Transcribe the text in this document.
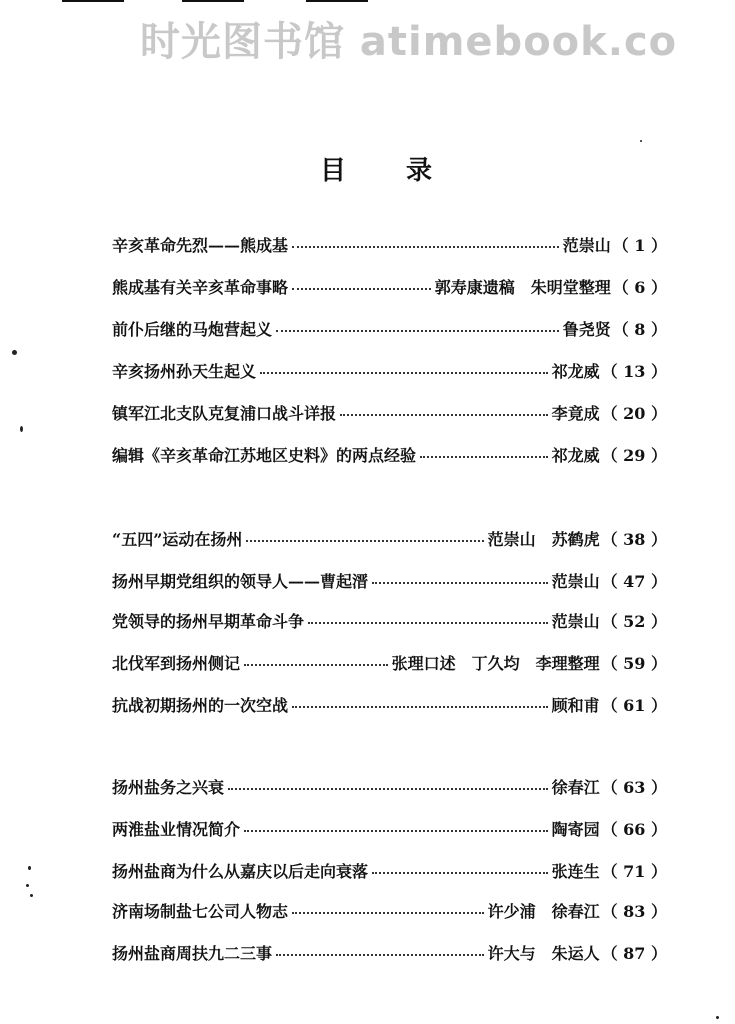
时光图书馆 atimebook.co
目录
辛亥革命先烈——熊成基	范崇山 （ 1 ）
熊成基有关辛亥革命事略	郭寿康遗稿　朱明堂整理 （ 6 ）
前仆后继的马炮营起义	鲁尧贤 （ 8 ）
辛亥扬州孙天生起义	祁龙威 （ 13 ）
镇军江北支队克复浦口战斗详报	李竟成 （ 20 ）
编辑《辛亥革命江苏地区史料》的两点经验	祁龙威 （ 29 ）
“五四”运动在扬州	范崇山　苏鹤虎 （ 38 ）
扬州早期党组织的领导人——曹起溍	范崇山 （ 47 ）
党领导的扬州早期革命斗争	范崇山 （ 52 ）
北伐军到扬州侧记	张理口述　丁久均　李理整理 （ 59 ）
抗战初期扬州的一次空战	顾和甫 （ 61 ）
扬州盐务之兴衰	徐春江 （ 63 ）
两淮盐业情况简介	陶寄园 （ 66 ）
扬州盐商为什么从嘉庆以后走向衰落	张连生 （ 71 ）
济南场制盐七公司人物志	许少浦　徐春江 （ 83 ）
扬州盐商周扶九二三事	许大与　朱运人 （ 87 ）
